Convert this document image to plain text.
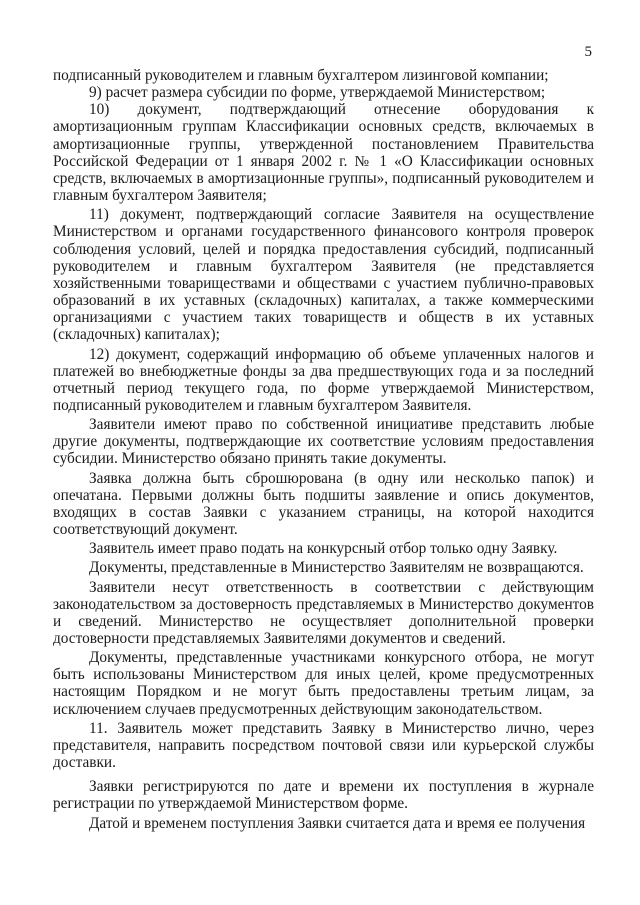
5

подписанный руководителем и главным бухгалтером лизинговой компании;

9) расчет размера субсидии по форме, утверждаемой Министерством;

10) документ, подтверждающий отнесение оборудования к амортизационным группам Классификации основных средств, включаемых в амортизационные группы, утвержденной постановлением Правительства Российской Федерации от 1 января 2002 г. № 1 «О Классификации основных средств, включаемых в амортизационные группы», подписанный руководителем и главным бухгалтером Заявителя;

11) документ, подтверждающий согласие Заявителя на осуществление Министерством и органами государственного финансового контроля проверок соблюдения условий, целей и порядка предоставления субсидий, подписанный руководителем и главным бухгалтером Заявителя (не представляется хозяйственными товариществами и обществами с участием публично-правовых образований в их уставных (складочных) капиталах, а также коммерческими организациями с участием таких товариществ и обществ в их уставных (складочных) капиталах);

12) документ, содержащий информацию об объеме уплаченных налогов и платежей во внебюджетные фонды за два предшествующих года и за последний отчетный период текущего года, по форме утверждаемой Министерством, подписанный руководителем и главным бухгалтером Заявителя.

Заявители имеют право по собственной инициативе представить любые другие документы, подтверждающие их соответствие условиям предоставления субсидии. Министерство обязано принять такие документы.

Заявка должна быть сброшюрована (в одну или несколько папок) и опечатана. Первыми должны быть подшиты заявление и опись документов, входящих в состав Заявки с указанием страницы, на которой находится соответствующий документ.

Заявитель имеет право подать на конкурсный отбор только одну Заявку.

Документы, представленные в Министерство Заявителям не возвращаются.

Заявители несут ответственность в соответствии с действующим законодательством за достоверность представляемых в Министерство документов и сведений. Министерство не осуществляет дополнительной проверки достоверности представляемых Заявителями документов и сведений.

Документы, представленные участниками конкурсного отбора, не могут быть использованы Министерством для иных целей, кроме предусмотренных настоящим Порядком и не могут быть предоставлены третьим лицам, за исключением случаев предусмотренных действующим законодательством.

11. Заявитель может представить Заявку в Министерство лично, через представителя, направить посредством почтовой связи или курьерской службы доставки.

Заявки регистрируются по дате и времени их поступления в журнале регистрации по утверждаемой Министерством форме.

Датой и временем поступления Заявки считается дата и время ее получения
